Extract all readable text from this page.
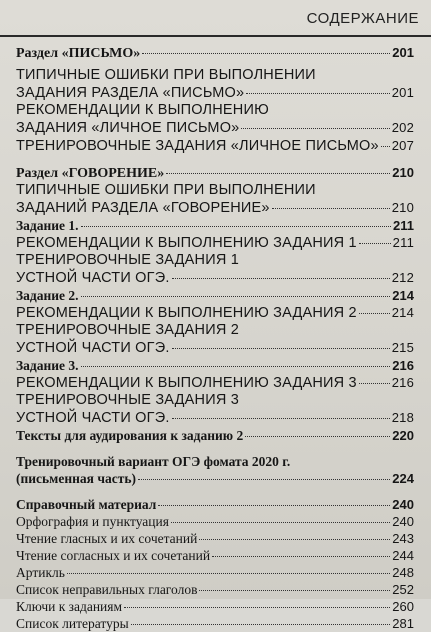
СОДЕРЖАНИЕ
Раздел «ПИСЬМО»	201
ТИПИЧНЫЕ ОШИБКИ ПРИ ВЫПОЛНЕНИИ
ЗАДАНИЯ РАЗДЕЛА «ПИСЬМО»	201
РЕКОМЕНДАЦИИ К ВЫПОЛНЕНИЮ
ЗАДАНИЯ «ЛИЧНОЕ ПИСЬМО»	202
ТРЕНИРОВОЧНЫЕ ЗАДАНИЯ «ЛИЧНОЕ ПИСЬМО» 207
Раздел «ГОВОРЕНИЕ»	210
ТИПИЧНЫЕ ОШИБКИ ПРИ ВЫПОЛНЕНИИ
ЗАДАНИЙ РАЗДЕЛА «ГОВОРЕНИЕ»	210
Задание 1.	211
РЕКОМЕНДАЦИИ К ВЫПОЛНЕНИЮ ЗАДАНИЯ 1	211
ТРЕНИРОВОЧНЫЕ ЗАДАНИЯ 1
УСТНОЙ ЧАСТИ ОГЭ.	212
Задание 2.	214
РЕКОМЕНДАЦИИ К ВЫПОЛНЕНИЮ ЗАДАНИЯ 2	214
ТРЕНИРОВОЧНЫЕ ЗАДАНИЯ 2
УСТНОЙ ЧАСТИ ОГЭ.	215
Задание 3.	216
РЕКОМЕНДАЦИИ К ВЫПОЛНЕНИЮ ЗАДАНИЯ 3	216
ТРЕНИРОВОЧНЫЕ ЗАДАНИЯ 3
УСТНОЙ ЧАСТИ ОГЭ.	218
Тексты для аудирования к заданию 2	220
Тренировочный вариант ОГЭ фомата 2020 г.
(письменная часть)	224
Справочный материал	240
Орфография и пунктуация	240
Чтение гласных и их сочетаний	243
Чтение согласных и их сочетаний	244
Артикль	248
Список неправильных глаголов	252
Ключи к заданиям	260
Список литературы	281
